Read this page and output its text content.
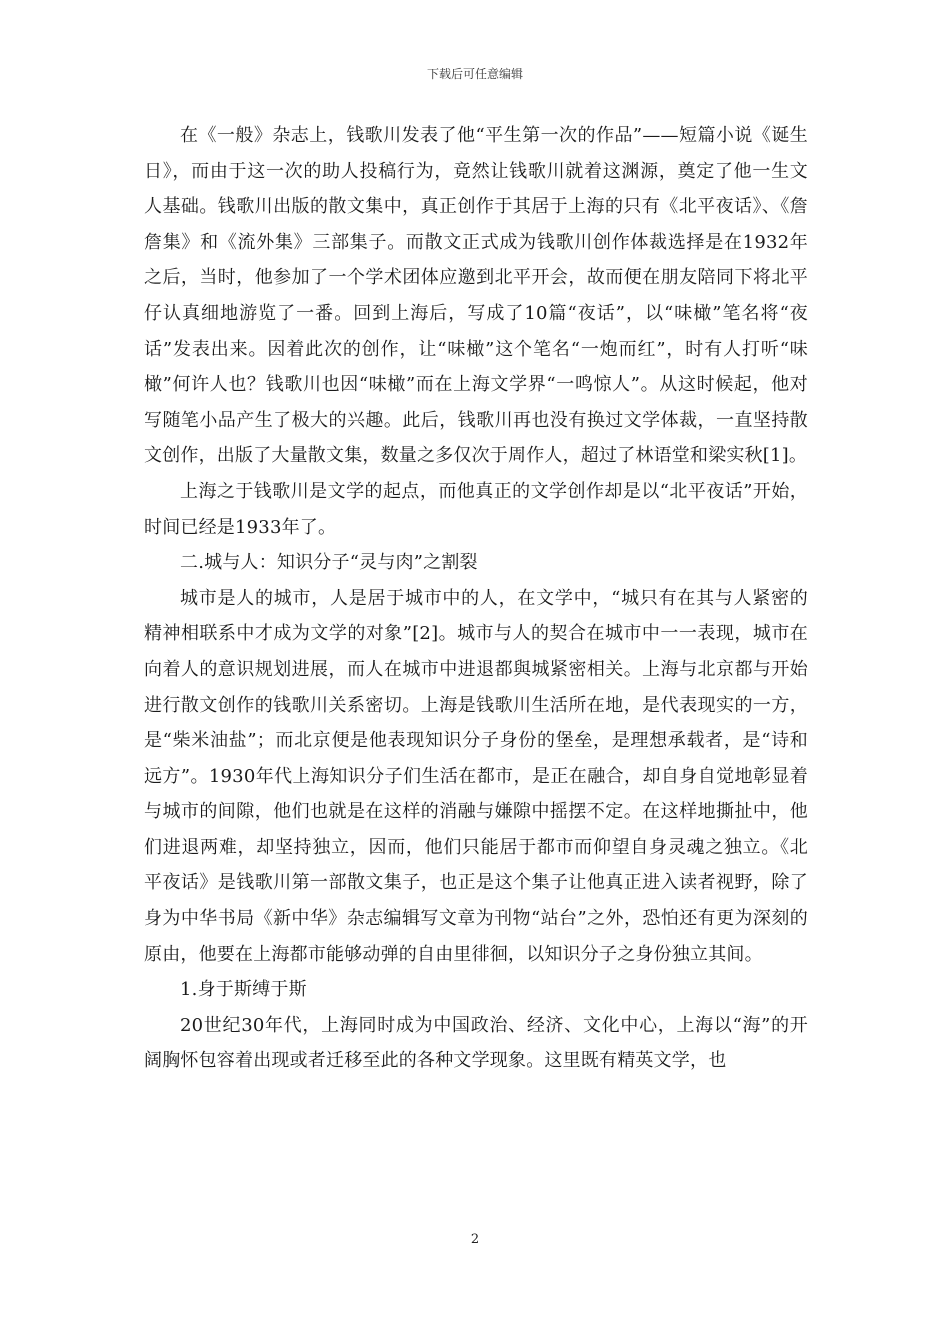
下载后可任意编辑

在《一般》杂志上，钱歌川发表了他“平生第一次的作品”——短篇小说《诞生日》，而由于这一次的助人投稿行为，竟然让钱歌川就着这渊源，奠定了他一生文人基础。钱歌川出版的散文集中，真正创作于其居于上海的只有《北平夜话》、《詹詹集》和《流外集》三部集子。而散文正式成为钱歌川创作体裁选择是在1932年之后，当时，他参加了一个学术团体应邀到北平开会，故而便在朋友陪同下将北平仔认真细地游览了一番。回到上海后，写成了10篇“夜话”，以“味橄”笔名将“夜话”发表出来。因着此次的创作，让“味橄”这个笔名“一炮而红”，时有人打听“味橄”何许人也？钱歌川也因“味橄”而在上海文学界“一鸣惊人”。从这时候起，他对写随笔小品产生了极大的兴趣。此后，钱歌川再也没有换过文学体裁，一直坚持散文创作，出版了大量散文集，数量之多仅次于周作人，超过了林语堂和梁实秋[1]。

上海之于钱歌川是文学的起点，而他真正的文学创作却是以“北平夜话”开始，时间已经是1933年了。

二.城与人：知识分子“灵与肉”之割裂

城市是人的城市，人是居于城市中的人，在文学中，“城只有在其与人紧密的精神相联系中才成为文学的对象”[2]。城市与人的契合在城市中一一表现，城市在向着人的意识规划进展，而人在城市中进退都與城紧密相关。上海与北京都与开始进行散文创作的钱歌川关系密切。上海是钱歌川生活所在地，是代表现实的一方，是“柴米油盐”；而北京便是他表现知识分子身份的堡垒，是理想承载者，是“诗和远方”。1930年代上海知识分子们生活在都市，是正在融合，却自身自觉地彰显着与城市的间隙，他们也就是在这样的消融与嫌隙中摇摆不定。在这样地撕扯中，他们进退两难，却坚持独立，因而，他们只能居于都市而仰望自身灵魂之独立。《北平夜话》是钱歌川第一部散文集子，也正是这个集子让他真正进入读者视野，除了身为中华书局《新中华》杂志编辑写文章为刊物“站台”之外，恐怕还有更为深刻的原由，他要在上海都市能够动弹的自由里徘徊，以知识分子之身份独立其间。

1.身于斯缚于斯

20世纪30年代，上海同时成为中国政治、经济、文化中心，上海以“海”的开阔胸怀包容着出现或者迁移至此的各种文学现象。这里既有精英文学，也

2
